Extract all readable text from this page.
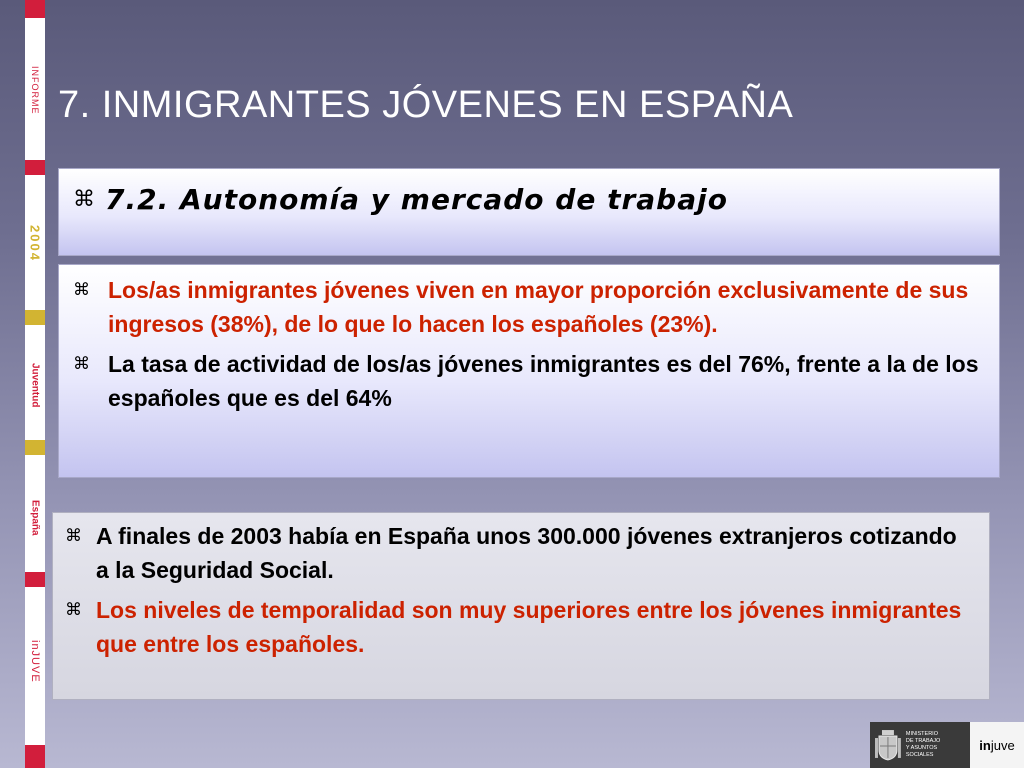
INFORME
2004
Juventud
España
inJUVE
7. INMIGRANTES JÓVENES EN ESPAÑA
⌘ 7.2. Autonomía y mercado de trabajo
⌘ Los/as inmigrantes jóvenes viven en mayor proporción exclusivamente de sus ingresos (38%), de lo que lo hacen los españoles (23%).
⌘ La tasa de actividad de los/as jóvenes inmigrantes es del 76%, frente a la de los españoles que es del 64%
⌘ A finales de 2003 había en España unos 300.000 jóvenes extranjeros cotizando a la Seguridad Social.
⌘ Los niveles de temporalidad son muy superiores entre los jóvenes inmigrantes que entre los españoles.
MINISTERIO
DE TRABAJO
Y ASUNTOS SOCIALES
in juve
